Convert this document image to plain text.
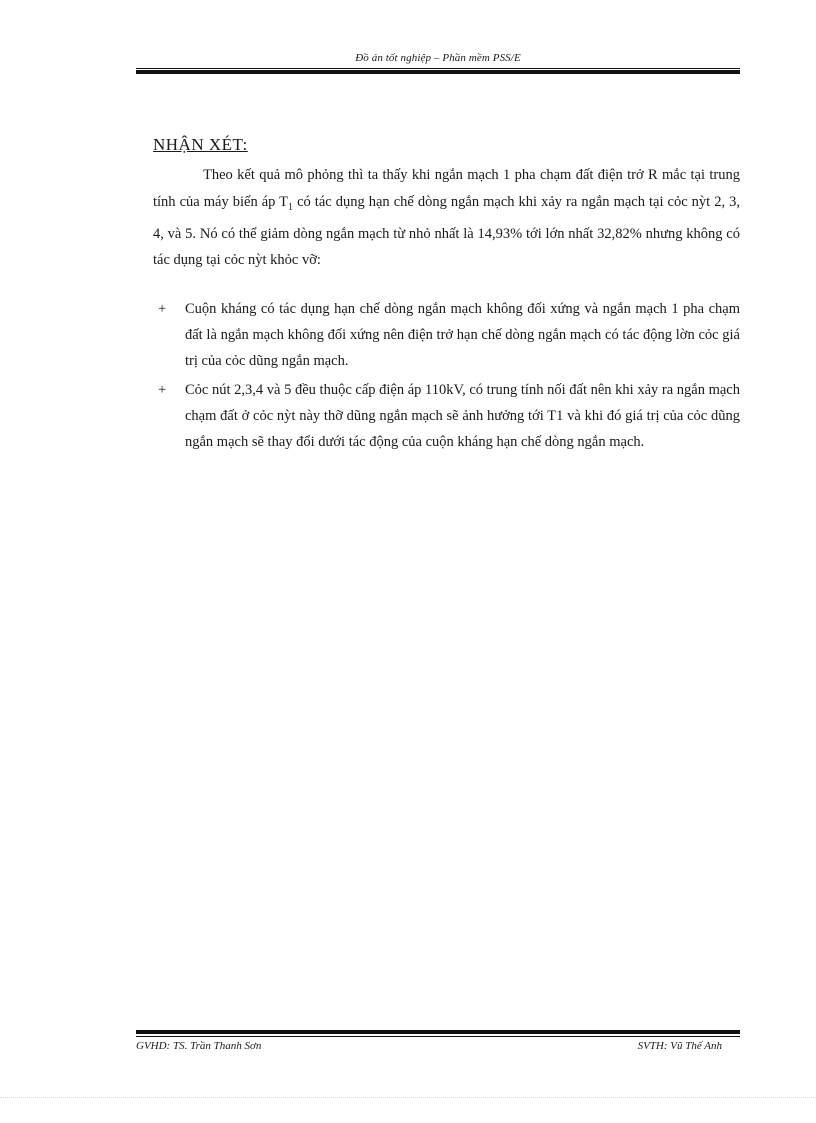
Đồ án tốt nghiệp – Phần mềm PSS/E
NHẬN XÉT:

Theo kết quả mô phỏng thì ta thấy khi ngắn mạch 1 pha chạm đất điện trở R mắc tại trung tính của máy biến áp $T_1$ có tác dụng hạn chế dòng ngắn mạch khi xảy ra ngắn mạch tại cỏc nỳt 2, 3, 4, và 5. Nó có thể giảm dòng ngắn mạch từ nhỏ nhất là 14,93% tới lớn nhất 32,82% nhưng không có tác dụng tại cỏc nỳt khỏc vỡ:

+ Cuộn kháng có tác dụng hạn chế dòng ngắn mạch không đối xứng và ngắn mạch 1 pha chạm đất là ngắn mạch không đối xứng nên điện trở hạn chế dòng ngắn mạch có tác động lờn cỏc giá trị của cỏc dũng ngắn mạch.
+ Cỏc nút 2,3,4 và 5 đều thuộc cấp điện áp 110kV, có trung tính nối đất nên khi xảy ra ngắn mạch chạm đất ở cỏc nỳt này thỡ dũng ngắn mạch sẽ ảnh hưởng tới T1 và khi đó giá trị của cỏc dũng ngắn mạch sẽ thay đổi dưới tác động của cuộn kháng hạn chế dòng ngắn mạch.
GVHD: TS. Trần Thanh Sơn	SVTH: Vũ Thế Anh
